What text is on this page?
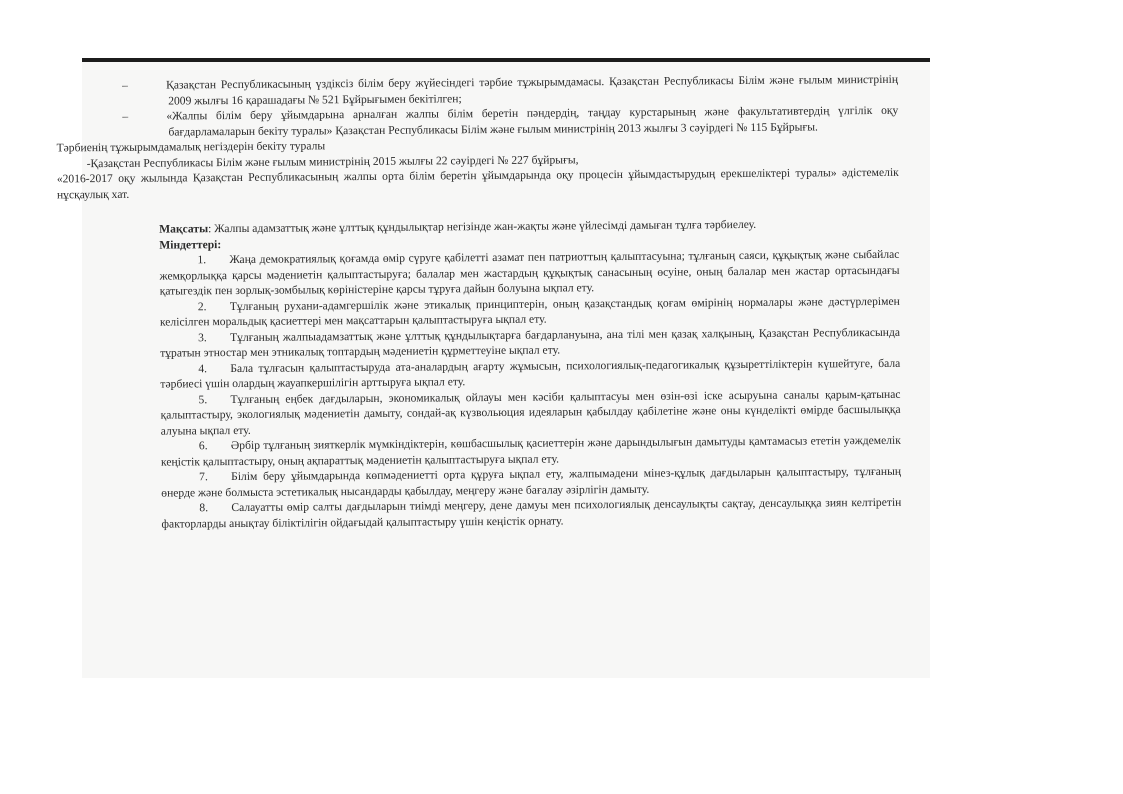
–	Қазақстан Республикасының үздіксіз білім беру жүйесіндегі тәрбие тұжырымдамасы. Қазақстан Республикасы Білім және ғылым министрінің 2009 жылғы 16 қарашадағы № 521 Бұйрығымен бекітілген;

–	«Жалпы білім беру ұйымдарына арналған жалпы білім беретін пәндердің, таңдау курстарының және факультативтердің үлгілік оқу бағдарламаларын бекіту туралы» Қазақстан Республикасы Білім және ғылым министрінің 2013 жылғы 3 сәуірдегі № 115 Бұйрығы.

Тәрбиенің тұжырымдамалық негіздерін бекіту туралы

-Қазақстан Республикасы Білім және ғылым министрінің 2015 жылғы 22 сәуірдегі № 227 бұйрығы,

«2016-2017 оқу жылында Қазақстан Республикасының жалпы орта білім беретін ұйымдарында оқу процесін ұйымдастырудың ерекшеліктері туралы» әдістемелік нұсқаулық хат.

Мақсаты: Жалпы адамзаттық және ұлттық құндылықтар негізінде жан-жақты және үйлесімді дамыған тұлға тәрбиелеу.

Міндеттері:

1. Жаңа демократиялық қоғамда өмір сүруге қабілетті азамат пен патриоттың қалыптасуына; тұлғаның саяси, құқықтық және сыбайлас жемқорлыққа қарсы мәдениетін қалыптастыруға; балалар мен жастардың құқықтық санасының өсуіне, оның балалар мен жастар ортасындағы қатыгездік пен зорлық-зомбылық көріністеріне қарсы тұруға дайын болуына ықпал ету.

2. Тұлғаның рухани-адамгершілік және этикалық принциптерін, оның қазақстандық қоғам өмірінің нормалары және дәстүрлерімен келісілген моральдық қасиеттері мен мақсаттарын қалыптастыруға ықпал ету.

3. Тұлғаның жалпыадамзаттық және ұлттық құндылықтарға бағдарлануына, ана тілі мен қазақ халқының, Қазақстан Республикасында тұратын этностар мен этникалық топтардың мәдениетін құрметтеуіне ықпал ету.

4. Бала тұлғасын қалыптастыруда ата-аналардың ағарту жұмысын, психологиялық-педагогикалық құзыреттіліктерін күшейтуге, бала тәрбиесі үшін олардың жауапкершілігін арттыруға ықпал ету.

5. Тұлғаның еңбек дағдыларын, экономикалық ойлауы мен кәсіби қалыптасуы мен өзін-өзі іске асыруына саналы қарым-қатынас қалыптастыру, экологиялық мәдениетін дамыту, сондай-ақ күзвольюция идеяларын қабылдау қабілетіне және оны күнделікті өмірде басшылыққа алуына ықпал ету.

6. Әрбір тұлғаның зияткерлік мүмкіндіктерін, көшбасшылық қасиеттерін және дарындылығын дамытуды қамтамасыз ететін уәждемелік кеңістік қалыптастыру, оның ақпараттық мәдениетін қалыптастыруға ықпал ету.

7. Білім беру ұйымдарында көпмәдениетті орта құруға ықпал ету, жалпымәдени мінез-құлық дағдыларын қалыптастыру, тұлғаның өнерде және болмыста эстетикалық нысандарды қабылдау, меңгеру және бағалау әзірлігін дамыту.

8. Салауатты өмір салты дағдыларын тиімді меңгеру, дене дамуы мен психологиялық денсаулықты сақтау, денсаулыққа зиян келтіретін факторларды анықтау біліктілігін ойдағыдай қалыптастыру үшін кеңістік орнату.
